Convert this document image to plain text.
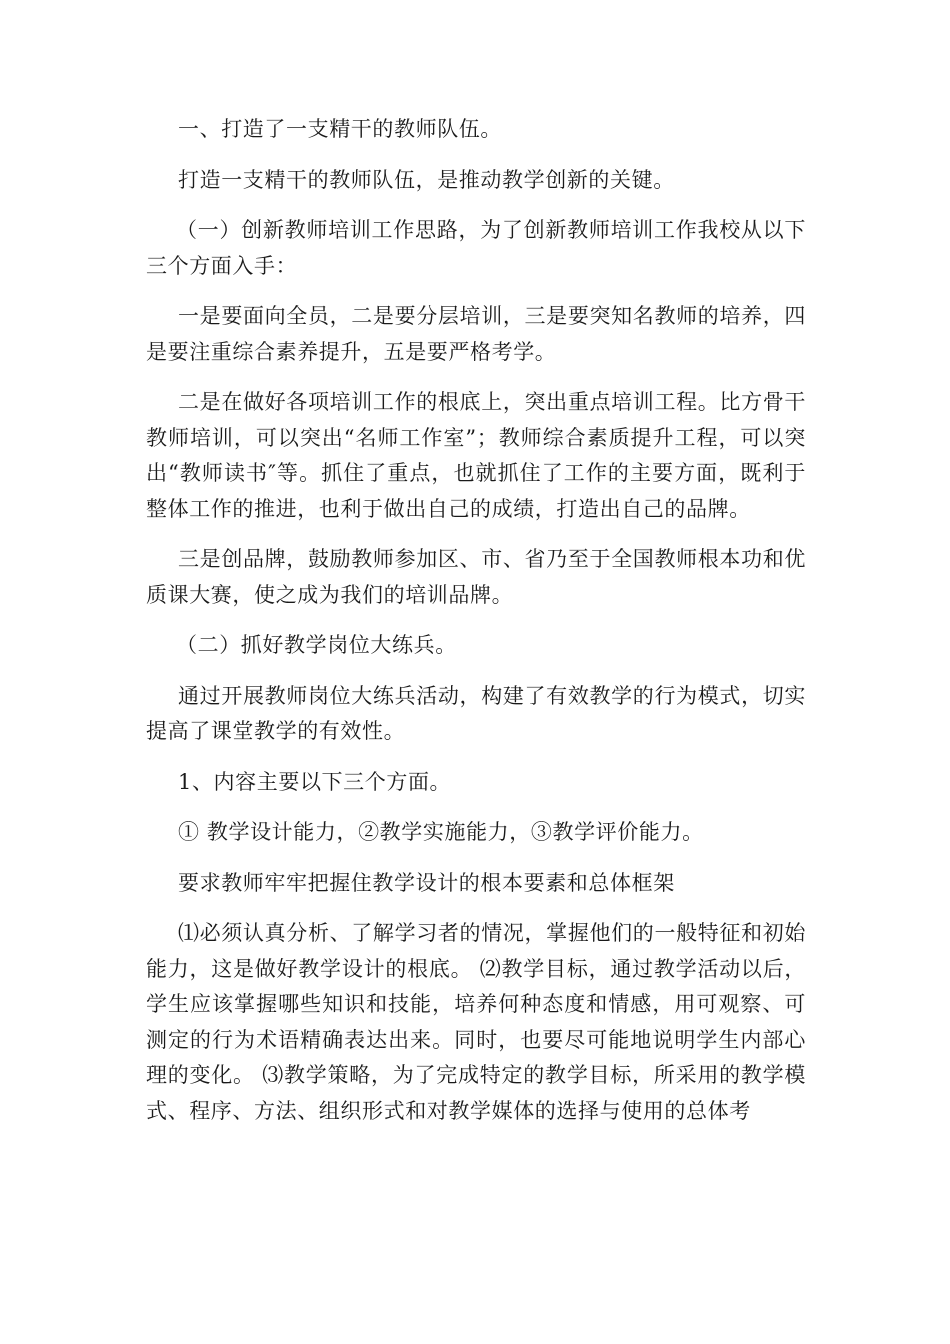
一、打造了一支精干的教师队伍。

打造一支精干的教师队伍，是推动教学创新的关键。

（一）创新教师培训工作思路，为了创新教师培训工作我校从以下三个方面入手：

一是要面向全员，二是要分层培训，三是要突知名教师的培养，四是要注重综合素养提升，五是要严格考学。

二是在做好各项培训工作的根底上，突出重点培训工程。比方骨干教师培训，可以突出“名师工作室”；教师综合素质提升工程，可以突出“教师读书″等。抓住了重点，也就抓住了工作的主要方面，既利于整体工作的推进，也利于做出自己的成绩，打造出自己的品牌。

三是创品牌，鼓励教师参加区、市、省乃至于全国教师根本功和优质课大赛，使之成为我们的培训品牌。

（二）抓好教学岗位大练兵。

通过开展教师岗位大练兵活动，构建了有效教学的行为模式，切实提高了课堂教学的有效性。

1、内容主要以下三个方面。

① 教学设计能力，②教学实施能力，③教学评价能力。

要求教师牢牢把握住教学设计的根本要素和总体框架

⑴必须认真分析、了解学习者的情况，掌握他们的一般特征和初始能力，这是做好教学设计的根底。 ⑵教学目标，通过教学活动以后，学生应该掌握哪些知识和技能，培养何种态度和情感，用可观察、可测定的行为术语精确表达出来。同时，也要尽可能地说明学生内部心理的变化。 ⑶教学策略，为了完成特定的教学目标，所采用的教学模式、程序、方法、组织形式和对教学媒体的选择与使用的总体考
